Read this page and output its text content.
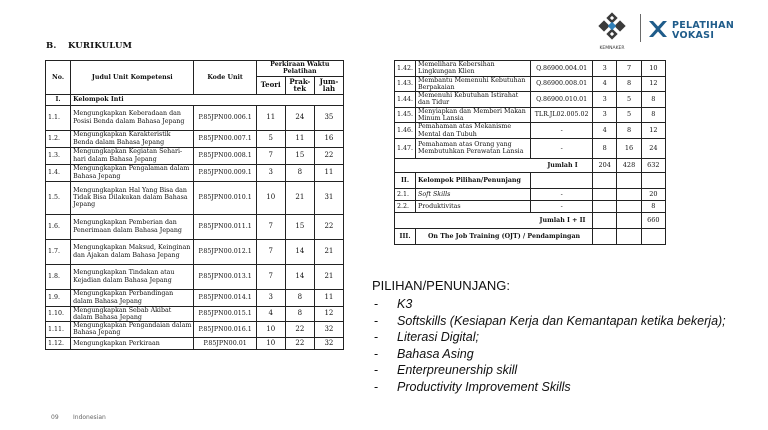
B. KURIKULUM	KEMNAKER
PELATIHAN
VOKASI
No.	Judul Unit Kompetensi	Kode Unit	Perkiraan Waktu Pelatihan		
			Teori	Prak-tek	Jum-lah
I.	Kelompok Inti				
1.1.	Mengungkapkan Keberadaan dan Posisi Benda dalam Bahasa Jepang	P.85JPN00.006.1	11	24	35
1.2.	Mengungkapkan Karakteristik Benda dalam Bahasa Jepang	P.85JPN00.007.1	5	11	16
1.3.	Mengungkapkan Kegiatan Sehari-hari dalam Bahasa Jepang	P.85JPN00.008.1	7	15	22
1.4.	Mengungkapkan Pengalaman dalam Bahasa Jepang	P.85JPN00.009.1	3	8	11
1.5.	Mengungkapkan Hal Yang Bisa dan Tidak Bisa Dilakukan dalam Bahasa Jepang	P.85JPN00.010.1	10	21	31
1.6.	Mengungkapkan Pemberian dan Penerimaan dalam Bahasa Jepang	P.85JPN00.011.1	7	15	22
1.7.	Mengungkapkan Maksud, Keinginan dan Ajakan dalam Bahasa Jepang	P.85JPN00.012.1	7	14	21
1.8.	Mengungkapkan Tindakan atau Kejadian dalam Bahasa Jepang	P.85JPN00.013.1	7	14	21
1.9.	Mengungkapkan Perbandingan dalam Bahasa Jepang	P.85JPN00.014.1	3	8	11
1.10.	Mengungkapkan Sebab Akibat dalam Bahasa Jepang	P.85JPN00.015.1	4	8	12
1.11.	Mengungkapkan Pengandaian dalam Bahasa Jepang	P.85JPN00.016.1	10	22	32
1.12.	Mengungkapkan Perkiraan	P.85JPN00.01	10	22	32
09 Indonesian
1.42.	Memelihara Kebersihan Lingkungan Klien	Q.86900.004.01	3	7	10
1.43.	Membantu Memenuhi Kebutuhan Berpakaian	Q.86900.008.01	4	8	12
1.44.	Memenuhi Kebutuhan Istirahat dan Tidur	Q.86900.010.01	3	5	8
1.45.	Menyiapkan dan Memberi Makan Minum Lansia	TLR.JL02.005.02	3	5	8
1.46.	Pemahaman atas Mekanisme Mental dan Tubuh	-	4	8	12
1.47.	Pemahaman atas Orang yang Membutuhkan Perawatan Lansia	-	8	16	24
Jumlah I			204	428	632
II.	Kelompok Pilihan/Penunjang				
2.1.	Soft Skills	-			20
2.2.	Produktivitas	-			8
Jumlah I + II					660
III.	On The Job Training (OJT) / Pendampingan				
PILIHAN/PENUNJANG:
- K3
- Softskills (Kesiapan Kerja dan Kemantapan ketika bekerja);
- Literasi Digital;
- Bahasa Asing
- Enterpreunership skill
- Productivity Improvement Skills
